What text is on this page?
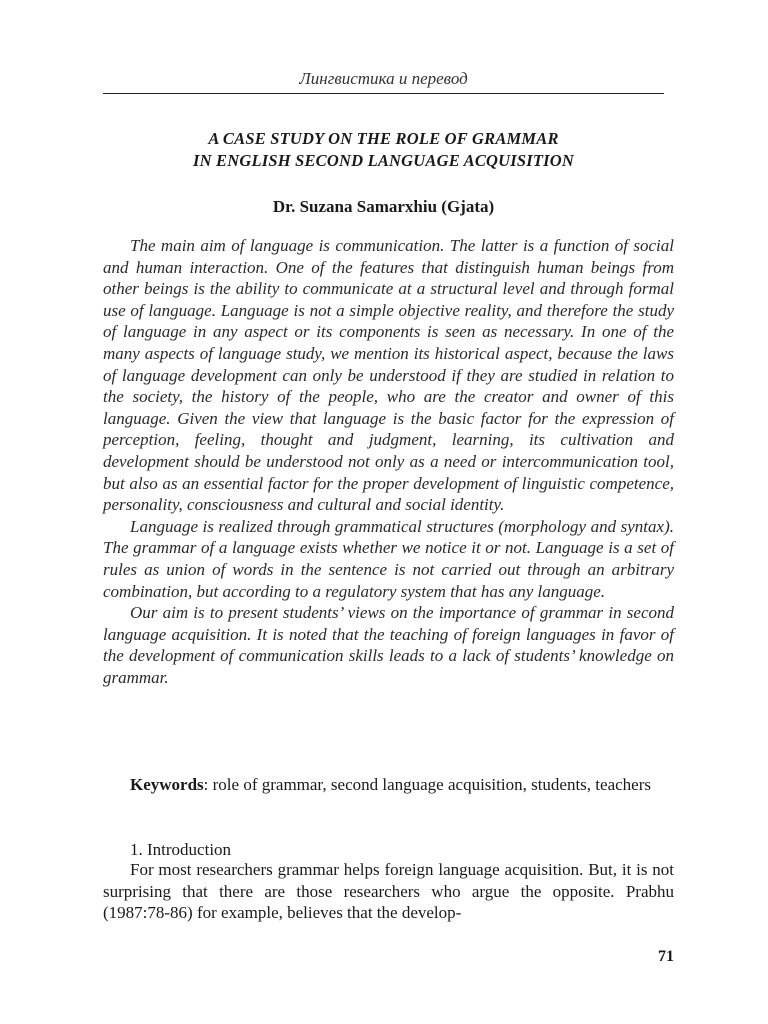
Лингвистика и перевод
A CASE STUDY ON THE ROLE OF GRAMMAR
IN ENGLISH SECOND LANGUAGE ACQUISITION
Dr. Suzana Samarxhiu (Gjata)

The main aim of language is communication. The latter is a function of social and human interaction. One of the features that distinguish human beings from other beings is the ability to communicate at a structural level and through formal use of language. Language is not a simple objective reality, and therefore the study of language in any aspect or its components is seen as necessary. In one of the many aspects of language study, we mention its historical aspect, because the laws of language development can only be understood if they are studied in relation to the society, the history of the people, who are the creator and owner of this language. Given the view that language is the basic factor for the expression of perception, feeling, thought and judgment, learning, its cultivation and development should be understood not only as a need or intercommunication tool, but also as an essential factor for the proper development of linguistic competence, personality, consciousness and cultural and social identity.

Language is realized through grammatical structures (morphology and syntax). The grammar of a language exists whether we notice it or not. Language is a set of rules as union of words in the sentence is not carried out through an arbitrary combination, but according to a regulatory system that has any language.

Our aim is to present students’ views on the importance of grammar in second language acquisition. It is noted that the teaching of foreign languages in favor of the development of communication skills leads to a lack of students’ knowledge on grammar.

Keywords: role of grammar, second language acquisition, students, teachers
1. Introduction

For most researchers grammar helps foreign language acquisition. But, it is not surprising that there are those researchers who argue the opposite. Prabhu (1987:78-86) for example, believes that the develop-

71
